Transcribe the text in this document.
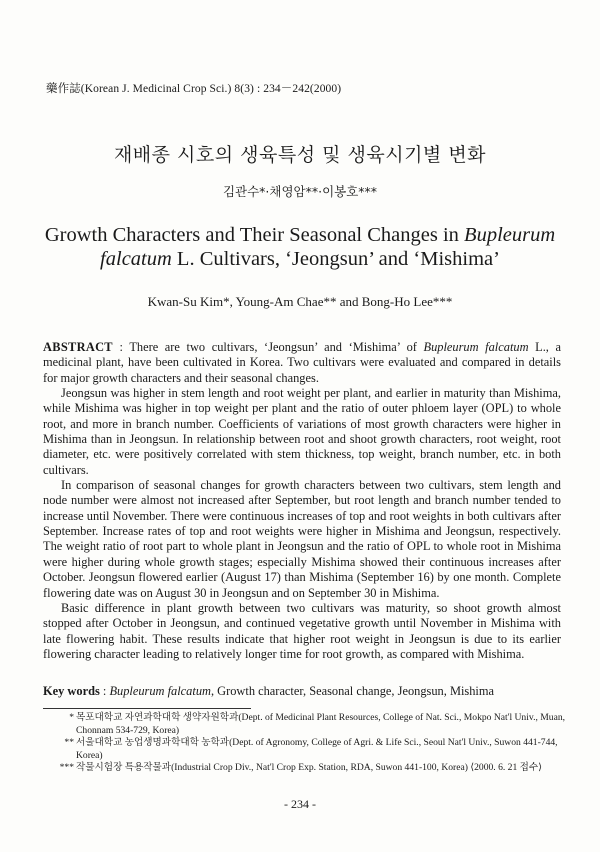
藥作誌(Korean J. Medicinal Crop Sci.) 8(3) : 234－242(2000)
재배종 시호의 생육특성 및 생육시기별 변화
김관수*·채영암**·이봉호***
Growth Characters and Their Seasonal Changes in Bupleurum falcatum L. Cultivars, ‘Jeongsun’ and ‘Mishima’
Kwan-Su Kim*, Young-Am Chae** and Bong-Ho Lee***

ABSTRACT : There are two cultivars, ‘Jeongsun’ and ‘Mishima’ of Bupleurum falcatum L., a medicinal plant, have been cultivated in Korea. Two cultivars were evaluated and compared in details for major growth characters and their seasonal changes.

Jeongsun was higher in stem length and root weight per plant, and earlier in maturity than Mishima, while Mishima was higher in top weight per plant and the ratio of outer phloem layer (OPL) to whole root, and more in branch number. Coefficients of variations of most growth characters were higher in Mishima than in Jeongsun. In relationship between root and shoot growth characters, root weight, root diameter, etc. were positively correlated with stem thickness, top weight, branch number, etc. in both cultivars.

In comparison of seasonal changes for growth characters between two cultivars, stem length and node number were almost not increased after September, but root length and branch number tended to increase until November. There were continuous increases of top and root weights in both cultivars after September. Increase rates of top and root weights were higher in Mishima and Jeongsun, respectively. The weight ratio of root part to whole plant in Jeongsun and the ratio of OPL to whole root in Mishima were higher during whole growth stages; especially Mishima showed their continuous increases after October. Jeongsun flowered earlier (August 17) than Mishima (September 16) by one month. Complete flowering date was on August 30 in Jeongsun and on September 30 in Mishima.

Basic difference in plant growth between two cultivars was maturity, so shoot growth almost stopped after October in Jeongsun, and continued vegetative growth until November in Mishima with late flowering habit. These results indicate that higher root weight in Jeongsun is due to its earlier flowering character leading to relatively longer time for root growth, as compared with Mishima.

Key words : Bupleurum falcatum, Growth character, Seasonal change, Jeongsun, Mishima
* 목포대학교 자연과학대학 생약자원학과(Dept. of Medicinal Plant Resources, College of Nat. Sci., Mokpo Nat'l Univ., Muan, Chonnam 534-729, Korea)
** 서울대학교 농업생명과학대학 농학과(Dept. of Agronomy, College of Agri. & Life Sci., Seoul Nat'l Univ., Suwon 441-744, Korea)
*** 작물시험장 특용작물과(Industrial Crop Div., Nat'l Crop Exp. Station, RDA, Suwon 441-100, Korea) ⟨2000. 6. 21 접수⟩
- 234 -
